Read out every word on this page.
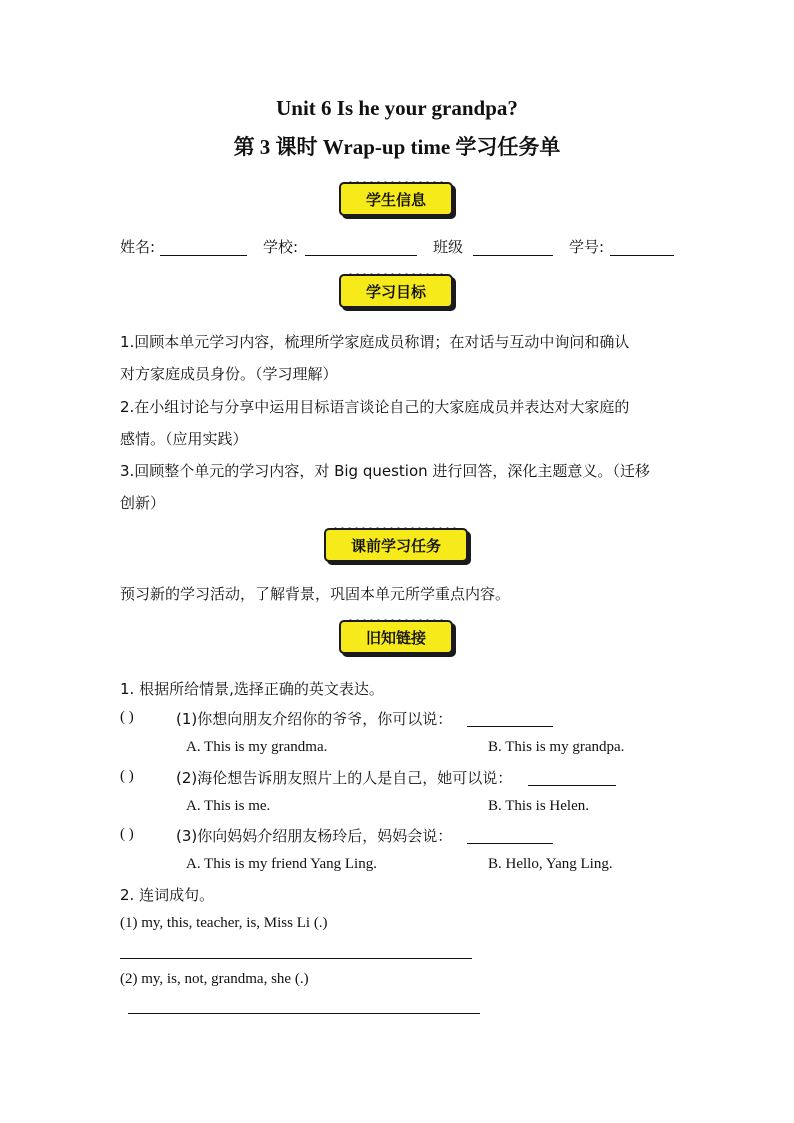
Unit 6 Is he your grandpa?
第 3 课时 Wrap-up time 学习任务单
学生信息
姓名:	学校:	班级	学号:
学习目标
1.回顾本单元学习内容，梳理所学家庭成员称谓；在对话与互动中询问和确认
对方家庭成员身份。（学习理解）
2.在小组讨论与分享中运用目标语言谈论自己的大家庭成员并表达对大家庭的
感情。（应用实践）
3.回顾整个单元的学习内容，对 Big question 进行回答，深化主题意义。（迁移
创新）
课前学习任务
预习新的学习活动，了解背景，巩固本单元所学重点内容。
旧知链接
1. 根据所给情景,选择正确的英文表达。
( )	(1)你想向朋友介绍你的爷爷，你可以说：
A. This is my grandma.	B. This is my grandpa.
( )	(2)海伦想告诉朋友照片上的人是自己，她可以说：
A. This is me.	B. This is Helen.
( )	(3)你向妈妈介绍朋友杨玲后，妈妈会说：
A. This is my friend Yang Ling.	B. Hello, Yang Ling.
2. 连词成句。
(1) my, this, teacher, is, Miss Li (.)
(2) my, is, not, grandma, she (.)
